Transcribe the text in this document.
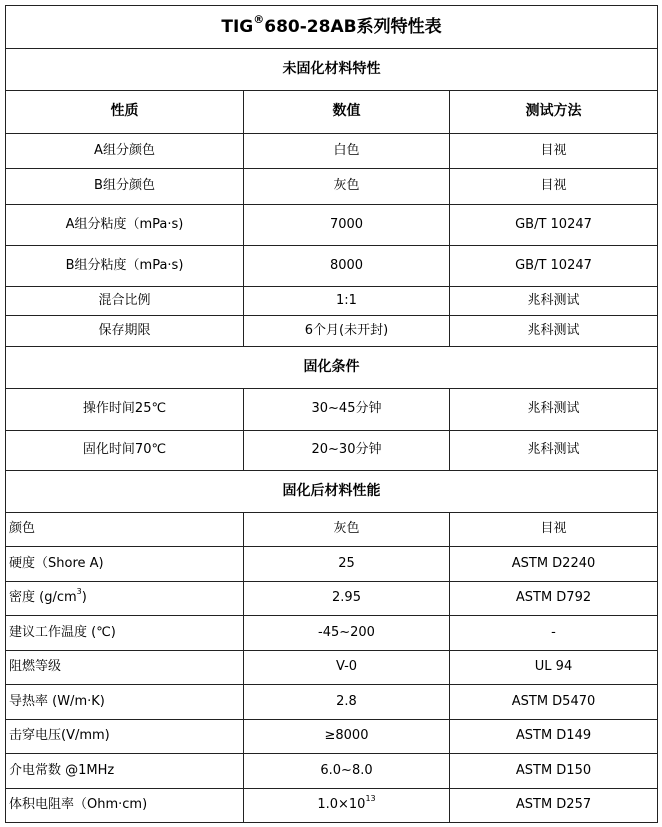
TIG®680-28AB系列特性表		
未固化材料特性		
性质	数值	测试方法
A组分颜色	白色	目视
B组分颜色	灰色	目视
A组分粘度（mPa·s)	7000	GB/T 10247
B组分粘度（mPa·s)	8000	GB/T 10247
混合比例	1:1	兆科测试
保存期限	6个月(未开封)	兆科测试
固化条件		
操作时间25℃	30~45分钟	兆科测试
固化时间70℃	20~30分钟	兆科测试
固化后材料性能		
颜色	灰色	目视
硬度（Shore A)	25	ASTM D2240
密度 $(g/cm^3)$	2.95	ASTM D792
建议工作温度 (℃)	-45~200	-
阻燃等级	V-0	UL 94
导热率 (W/m·K)	2.8	ASTM D5470
击穿电压(V/mm)	≥8000	ASTM D149
介电常数 @1MHz	6.0~8.0	ASTM D150
体积电阻率（Ohm·cm)	$1.0\times 10^{13}$	ASTM D257
